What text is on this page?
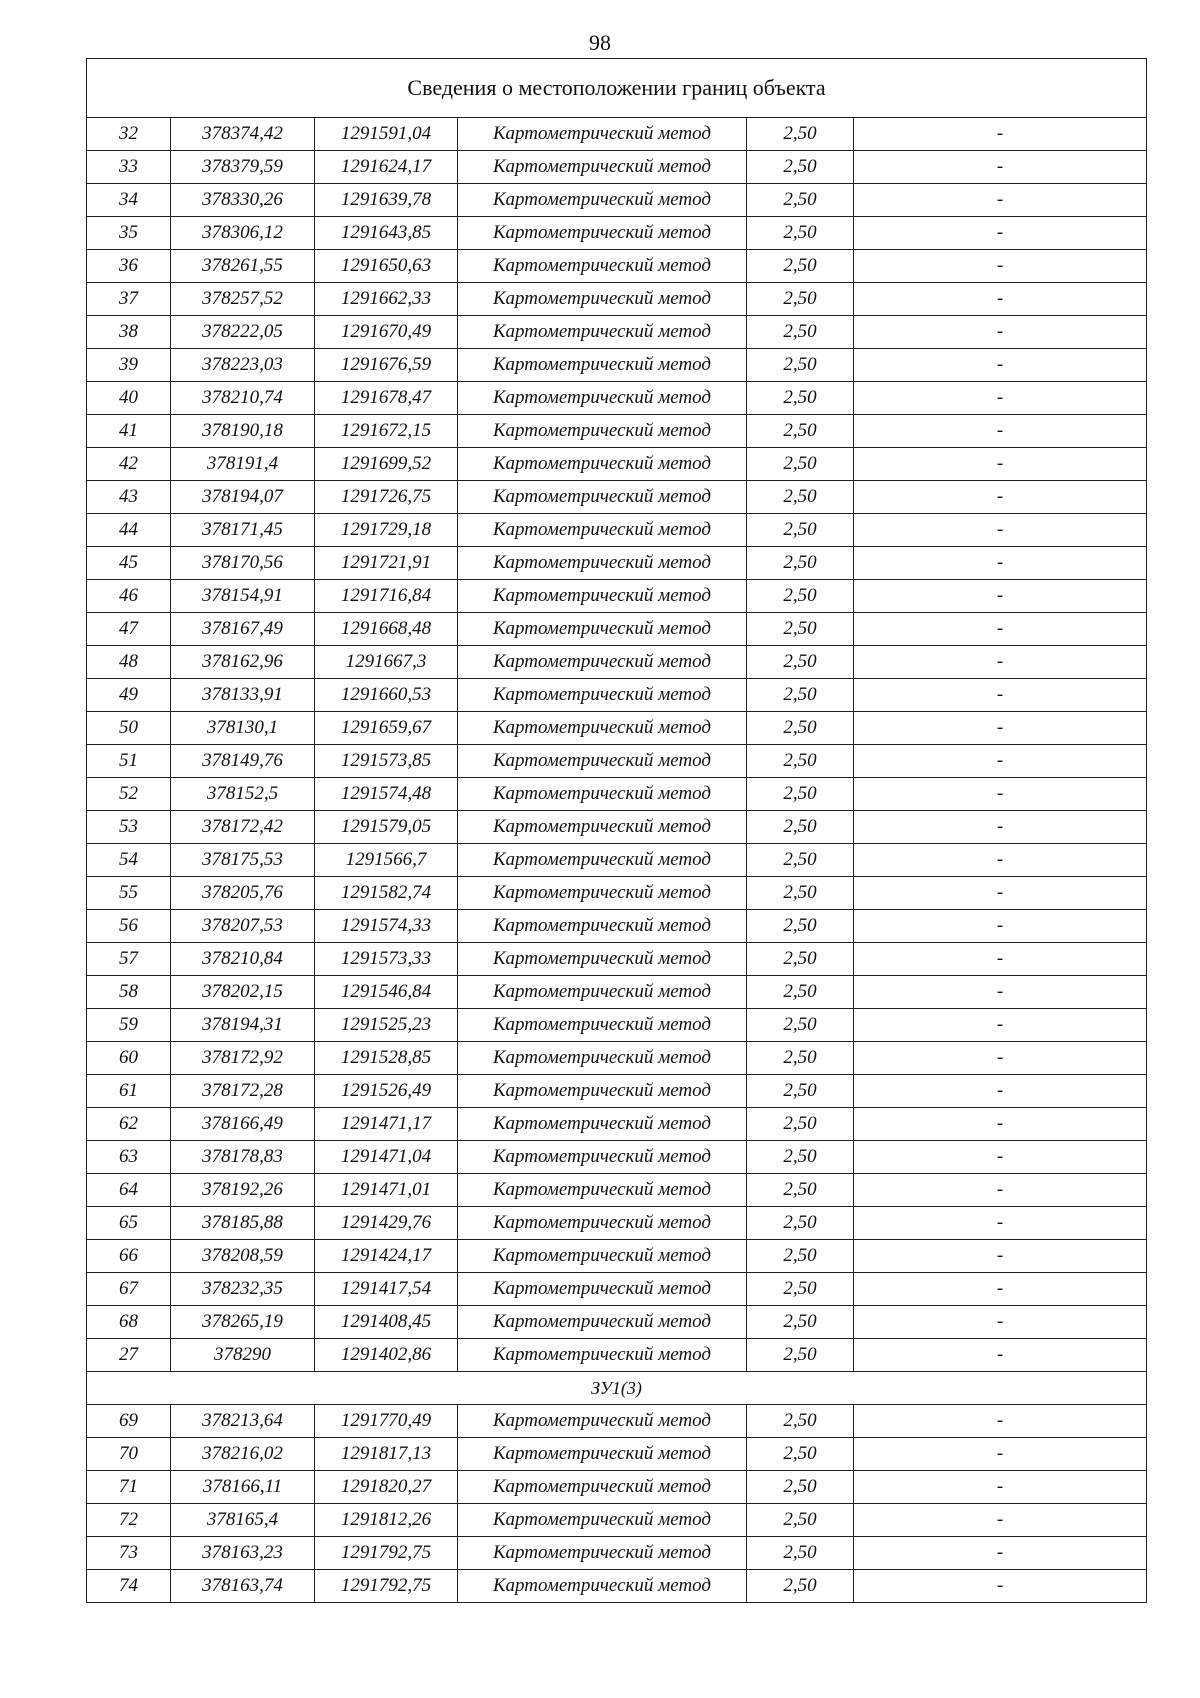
98
Сведения о местоположении границ объекта					
32	378374,42	1291591,04	Картометрический метод	2,50	-
33	378379,59	1291624,17	Картометрический метод	2,50	-
34	378330,26	1291639,78	Картометрический метод	2,50	-
35	378306,12	1291643,85	Картометрический метод	2,50	-
36	378261,55	1291650,63	Картометрический метод	2,50	-
37	378257,52	1291662,33	Картометрический метод	2,50	-
38	378222,05	1291670,49	Картометрический метод	2,50	-
39	378223,03	1291676,59	Картометрический метод	2,50	-
40	378210,74	1291678,47	Картометрический метод	2,50	-
41	378190,18	1291672,15	Картометрический метод	2,50	-
42	378191,4	1291699,52	Картометрический метод	2,50	-
43	378194,07	1291726,75	Картометрический метод	2,50	-
44	378171,45	1291729,18	Картометрический метод	2,50	-
45	378170,56	1291721,91	Картометрический метод	2,50	-
46	378154,91	1291716,84	Картометрический метод	2,50	-
47	378167,49	1291668,48	Картометрический метод	2,50	-
48	378162,96	1291667,3	Картометрический метод	2,50	-
49	378133,91	1291660,53	Картометрический метод	2,50	-
50	378130,1	1291659,67	Картометрический метод	2,50	-
51	378149,76	1291573,85	Картометрический метод	2,50	-
52	378152,5	1291574,48	Картометрический метод	2,50	-
53	378172,42	1291579,05	Картометрический метод	2,50	-
54	378175,53	1291566,7	Картометрический метод	2,50	-
55	378205,76	1291582,74	Картометрический метод	2,50	-
56	378207,53	1291574,33	Картометрический метод	2,50	-
57	378210,84	1291573,33	Картометрический метод	2,50	-
58	378202,15	1291546,84	Картометрический метод	2,50	-
59	378194,31	1291525,23	Картометрический метод	2,50	-
60	378172,92	1291528,85	Картометрический метод	2,50	-
61	378172,28	1291526,49	Картометрический метод	2,50	-
62	378166,49	1291471,17	Картометрический метод	2,50	-
63	378178,83	1291471,04	Картометрический метод	2,50	-
64	378192,26	1291471,01	Картометрический метод	2,50	-
65	378185,88	1291429,76	Картометрический метод	2,50	-
66	378208,59	1291424,17	Картометрический метод	2,50	-
67	378232,35	1291417,54	Картометрический метод	2,50	-
68	378265,19	1291408,45	Картометрический метод	2,50	-
27	378290	1291402,86	Картометрический метод	2,50	-
ЗУ1(3)					
69	378213,64	1291770,49	Картометрический метод	2,50	-
70	378216,02	1291817,13	Картометрический метод	2,50	-
71	378166,11	1291820,27	Картометрический метод	2,50	-
72	378165,4	1291812,26	Картометрический метод	2,50	-
73	378163,23	1291792,75	Картометрический метод	2,50	-
74	378163,74	1291792,75	Картометрический метод	2,50	-
